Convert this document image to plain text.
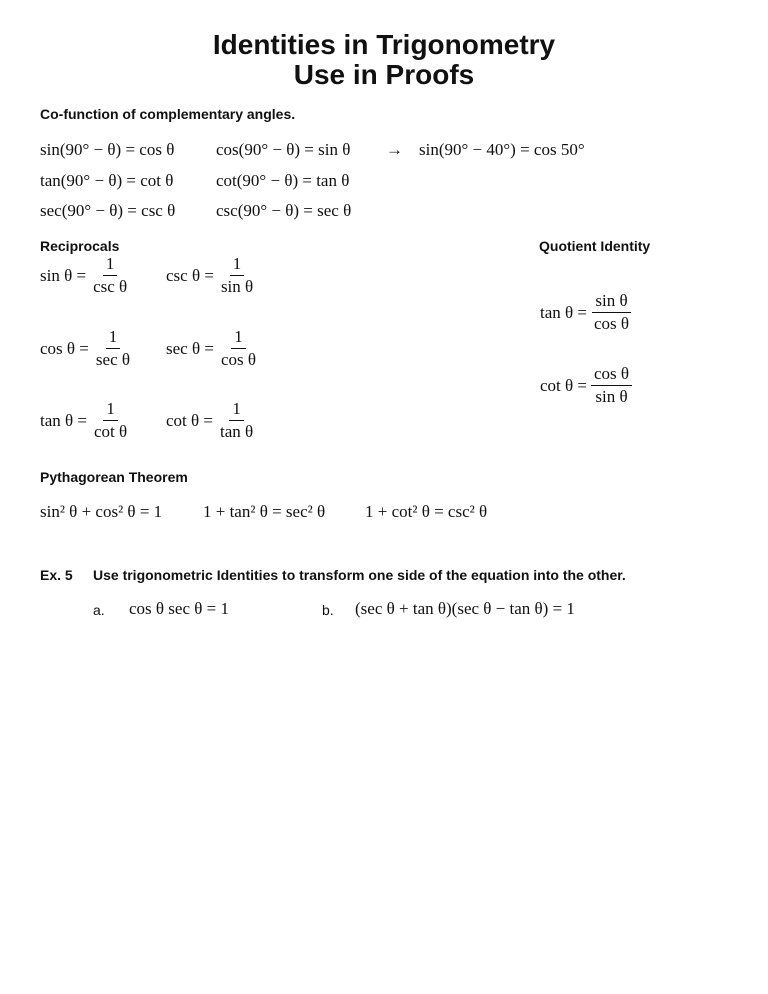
Identities in Trigonometry
Use in Proofs
Co-function of complementary angles.
sin(90° − θ) = cos θ cos(90° − θ) = sin θ → sin(90° − 40°) = cos 50°
tan(90° − θ) = cot θ	cot(90° − θ) = tan θ
sec(90° − θ) = csc θ csc(90° − θ) = sec θ
Reciprocals
$\sin \theta = \frac{1}{\text{csc θ}}$ $\csc \theta = \frac{1}{\text{sin θ}}$
$\cos \theta = \frac{1}{\text{sec θ}}$ $\sec \theta = \frac{1}{\text{cos θ}}$
$\tan \theta = \frac{1}{\text{cot θ}}$ $\cot \theta = \frac{1}{\text{tan θ}}$
Quotient Identity
$\tan \theta = \frac{\text{sin θ}}{\text{cos θ}}$
$\cot \theta = \frac{\text{cos θ}}{\text{sin θ}}$
Pythagorean Theorem
sin² θ + cos² θ = 1 1 + tan² θ = sec² θ 1 + cot² θ = csc² θ
Ex. 5 Use trigonometric Identities to transform one side of the equation into the other.
a. cos θ sec θ = 1	b. (sec θ + tan θ)(sec θ − tan θ) = 1
